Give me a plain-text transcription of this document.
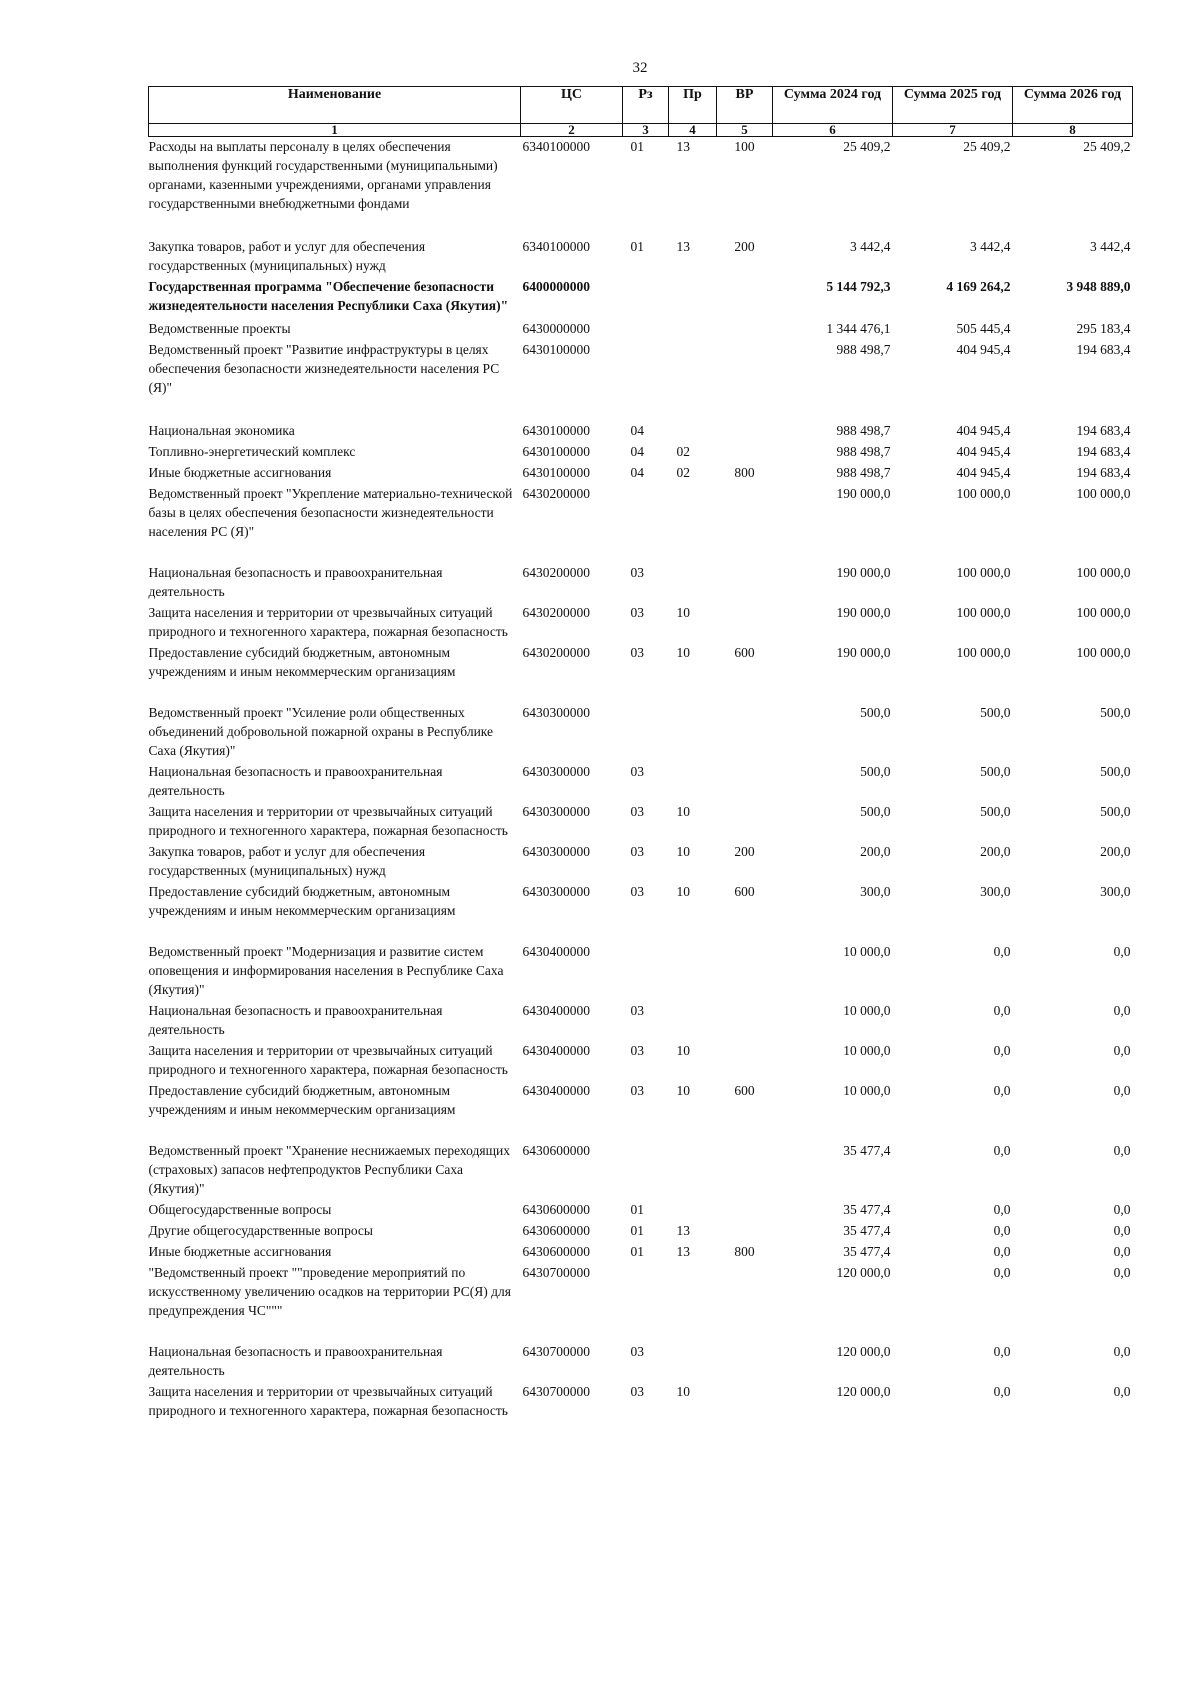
32
Наименование	ЦС	Рз	Пр	ВР	Сумма 2024 год	Сумма 2025 год	Сумма 2026 год
1	2	3	4	5	6	7	8
Расходы на выплаты персоналу в целях обеспечения выполнения функций государственными (муниципальными) органами, казенными учреждениями, органами управления государственными внебюджетными фондами	6340100000	01	13	100	25 409,2	25 409,2	25 409,2
Закупка товаров, работ и услуг для обеспечения государственных (муниципальных) нужд	6340100000	01	13	200	3 442,4	3 442,4	3 442,4
Государственная программа "Обеспечение безопасности жизнедеятельности населения Республики Саха (Якутия)"	6400000000				5 144 792,3	4 169 264,2	3 948 889,0
Ведомственные проекты	6430000000				1 344 476,1	505 445,4	295 183,4
Ведомственный проект "Развитие инфраструктуры в целях обеспечения безопасности жизнедеятельности населения РС (Я)"	6430100000				988 498,7	404 945,4	194 683,4
Национальная экономика	6430100000	04			988 498,7	404 945,4	194 683,4
Топливно-энергетический комплекс	6430100000	04	02		988 498,7	404 945,4	194 683,4
Иные бюджетные ассигнования	6430100000	04	02	800	988 498,7	404 945,4	194 683,4
Ведомственный проект "Укрепление материально-технической базы в целях обеспечения безопасности жизнедеятельности населения РС (Я)"	6430200000				190 000,0	100 000,0	100 000,0
Национальная безопасность и правоохранительная деятельность	6430200000	03			190 000,0	100 000,0	100 000,0
Защита населения и территории от чрезвычайных ситуаций природного и техногенного характера, пожарная безопасность	6430200000	03	10		190 000,0	100 000,0	100 000,0
Предоставление субсидий бюджетным, автономным учреждениям и иным некоммерческим организациям	6430200000	03	10	600	190 000,0	100 000,0	100 000,0
Ведомственный проект "Усиление роли общественных объединений добровольной пожарной охраны в Республике Саха (Якутия)"	6430300000				500,0	500,0	500,0
Национальная безопасность и правоохранительная деятельность	6430300000	03			500,0	500,0	500,0
Защита населения и территории от чрезвычайных ситуаций природного и техногенного характера, пожарная безопасность	6430300000	03	10		500,0	500,0	500,0
Закупка товаров, работ и услуг для обеспечения государственных (муниципальных) нужд	6430300000	03	10	200	200,0	200,0	200,0
Предоставление субсидий бюджетным, автономным учреждениям и иным некоммерческим организациям	6430300000	03	10	600	300,0	300,0	300,0
Ведомственный проект "Модернизация и развитие систем оповещения и информирования населения в Республике Саха (Якутия)"	6430400000				10 000,0	0,0	0,0
Национальная безопасность и правоохранительная деятельность	6430400000	03			10 000,0	0,0	0,0
Защита населения и территории от чрезвычайных ситуаций природного и техногенного характера, пожарная безопасность	6430400000	03	10		10 000,0	0,0	0,0
Предоставление субсидий бюджетным, автономным учреждениям и иным некоммерческим организациям	6430400000	03	10	600	10 000,0	0,0	0,0
Ведомственный проект "Хранение неснижаемых переходящих (страховых) запасов нефтепродуктов Республики Саха (Якутия)"	6430600000				35 477,4	0,0	0,0
Общегосударственные вопросы	6430600000	01			35 477,4	0,0	0,0
Другие общегосударственные вопросы	6430600000	01	13		35 477,4	0,0	0,0
Иные бюджетные ассигнования	6430600000	01	13	800	35 477,4	0,0	0,0
"Ведомственный проект ""проведение мероприятий по искусственному увеличению осадков на территории РС(Я) для предупреждения ЧС"""	6430700000				120 000,0	0,0	0,0
Национальная безопасность и правоохранительная деятельность	6430700000	03			120 000,0	0,0	0,0
Защита населения и территории от чрезвычайных ситуаций природного и техногенного характера, пожарная безопасность	6430700000	03	10		120 000,0	0,0	0,0
